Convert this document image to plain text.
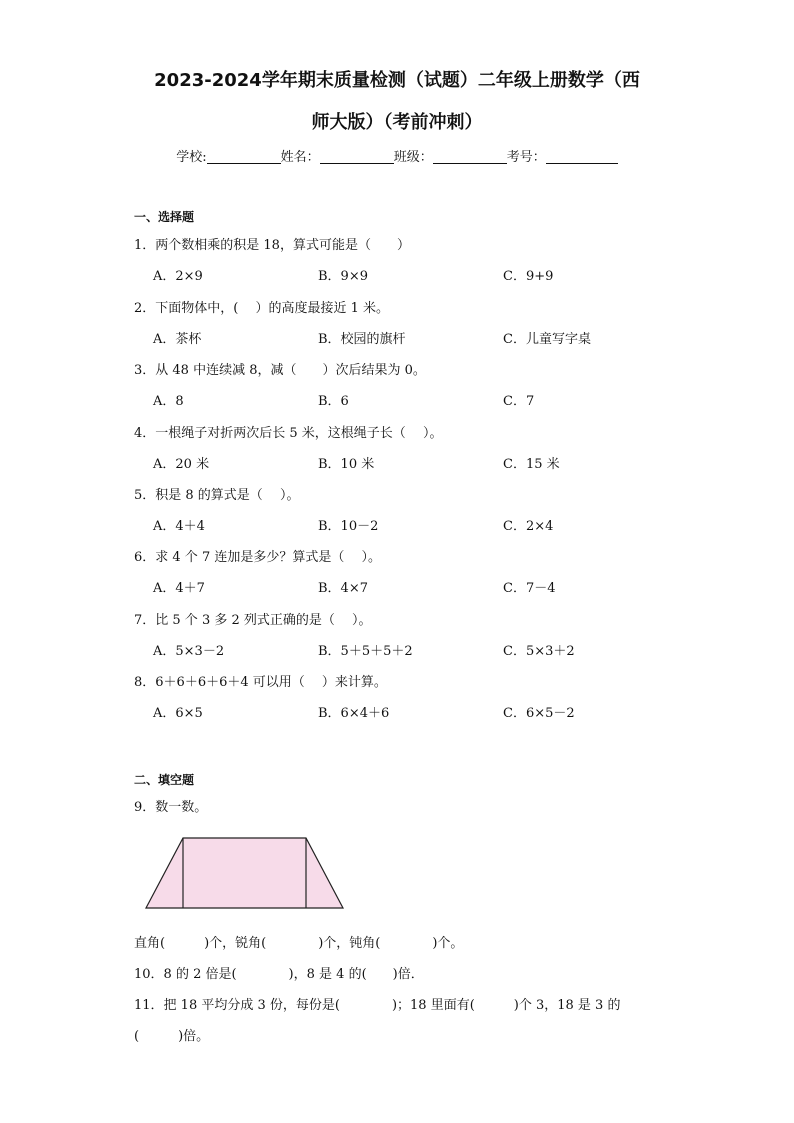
2023-2024学年期末质量检测（试题）二年级上册数学（西
师大版）（考前冲刺）
学校:	姓名：	班级：	考号：
一、选择题
1．两个数相乘的积是 18，算式可能是（　　）
A．2×9	B．9×9	C．9+9
2．下面物体中，(　 ）的高度最接近 1 米。
A．茶杯	B．校园的旗杆	C．儿童写字桌
3．从 48 中连续减 8，减（　　）次后结果为 0。
A．8	B．6	C．7
4．一根绳子对折两次后长 5 米，这根绳子长（　 ）。
A．20 米	B．10 米	C．15 米
5．积是 8 的算式是（　 ）。
A．4＋4	B．10－2	C．2×4
6．求 4 个 7 连加是多少？算式是（　 ）。
A．4＋7	B．4×7	C．7－4
7．比 5 个 3 多 2 列式正确的是（　 ）。
A．5×3－2	B．5＋5＋5＋2	C．5×3＋2
8．6＋6＋6＋6＋4 可以用（　 ）来计算。
A．6×5	B．6×4＋6	C．6×5－2
二、填空题
9．数一数。
直角(　　　)个，锐角(　　　　)个，钝角(　　　　)个。
10．8 的 2 倍是(　　　　)，8 是 4 的(　　)倍．
11．把 18 平均分成 3 份，每份是(　　　　)；18 里面有(　　　)个 3，18 是 3 的
(　　　)倍。
